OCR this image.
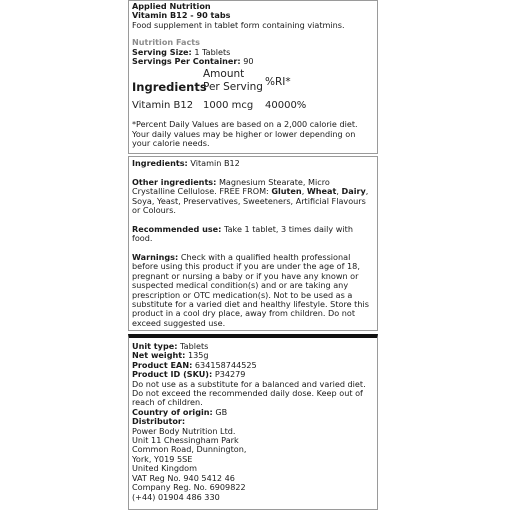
Applied Nutrition

Vitamin B12 - 90 tabs

Food supplement in tablet form containing viatmins.

Nutrition Facts

Serving Size: 1 Tablets

Servings Per Container: 90

Ingredients
Amount
Per Serving %RI*
Vitamin B12 1000 mcg	40000%

*Percent Daily Values are based on a 2,000 calorie diet. Your daily values may be higher or lower depending on your calorie needs.

Ingredients: Vitamin B12

Other ingredients: Magnesium Stearate, Micro Crystalline Cellulose. FREE FROM: Gluten, Wheat, Dairy, Soya, Yeast, Preservatives, Sweeteners, Artificial Flavours or Colours.

Recommended use: Take 1 tablet, 3 times daily with food.

Warnings: Check with a qualified health professional before using this product if you are under the age of 18, pregnant or nursing a baby or if you have any known or suspected medical condition(s) and or are taking any prescription or OTC medication(s). Not to be used as a substitute for a varied diet and healthy lifestyle. Store this product in a cool dry place, away from children. Do not exceed suggested use.

Unit type: Tablets

Net weight: 135g

Product EAN: 634158744525

Product ID (SKU): P34279

Do not use as a substitute for a balanced and varied diet. Do not exceed the recommended daily dose. Keep out of reach of children.

Country of origin: GB

Distributor:

Power Body Nutrition Ltd.

Unit 11 Chessingham Park

Common Road, Dunnington,

York, Y019 5SE

United Kingdom

VAT Reg No. 940 5412 46

Company Reg. No. 6909822

(+44) 01904 486 330
